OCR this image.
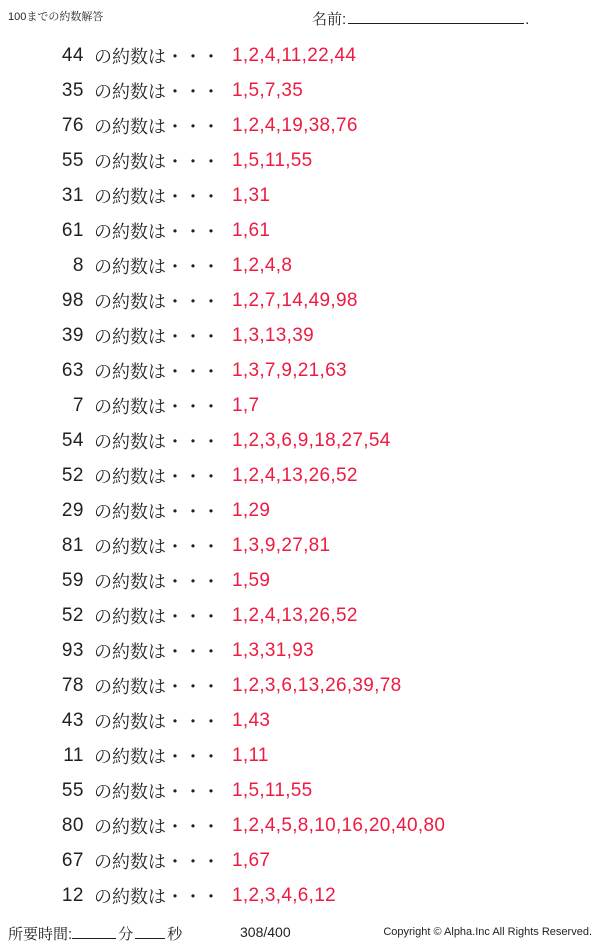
100までの約数解答	名前:	.
44 の約数は・・・ 1,2,4,11,22,44
35 の約数は・・・ 1,5,7,35
76 の約数は・・・ 1,2,4,19,38,76
55 の約数は・・・ 1,5,11,55
31 の約数は・・・ 1,31
61 の約数は・・・ 1,61
8 の約数は・・・ 1,2,4,8
98 の約数は・・・ 1,2,7,14,49,98
39 の約数は・・・ 1,3,13,39
63 の約数は・・・ 1,3,7,9,21,63
7 の約数は・・・ 1,7
54 の約数は・・・ 1,2,3,6,9,18,27,54
52 の約数は・・・ 1,2,4,13,26,52
29 の約数は・・・ 1,29
81 の約数は・・・ 1,3,9,27,81
59 の約数は・・・ 1,59
52 の約数は・・・ 1,2,4,13,26,52
93 の約数は・・・ 1,3,31,93
78 の約数は・・・ 1,2,3,6,13,26,39,78
43 の約数は・・・ 1,43
11 の約数は・・・ 1,11
55 の約数は・・・ 1,5,11,55
80 の約数は・・・ 1,2,4,5,8,10,16,20,40,80
67 の約数は・・・ 1,67
12 の約数は・・・ 1,2,3,4,6,12
所要時間:	分 秒	308/400	Copyright © Alpha.Inc All Rights Reserved.
